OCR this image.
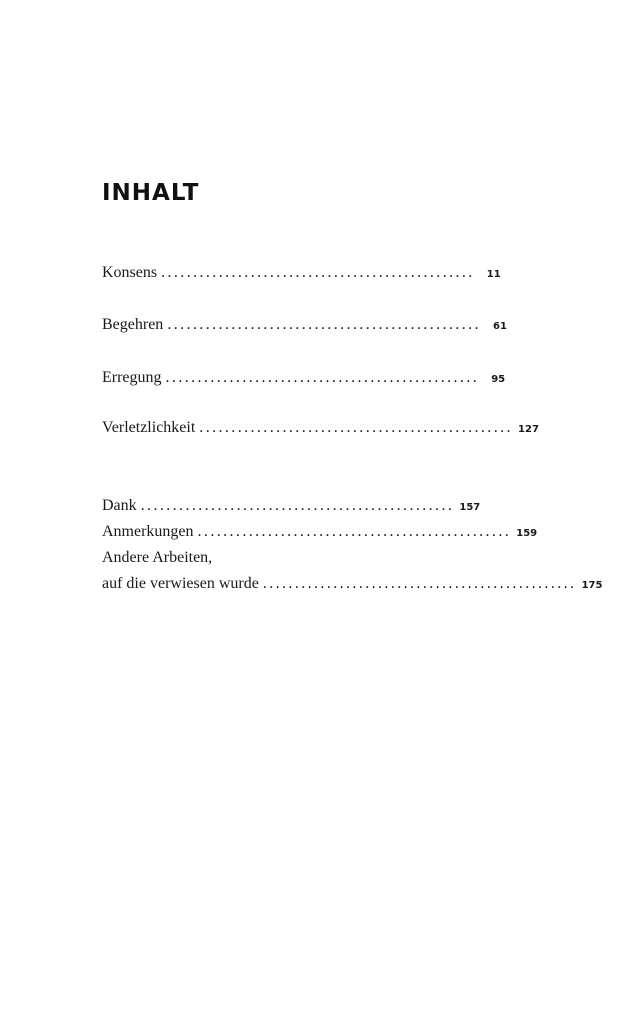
INHALT
Konsens .................................................	11
Begehren .................................................	61
Erregung .................................................	95
Verletzlichkeit ................................................. 127
Dank ................................................. 157
Anmerkungen ................................................. 159
Andere Arbeiten,
auf die verwiesen wurde ................................................. 175
